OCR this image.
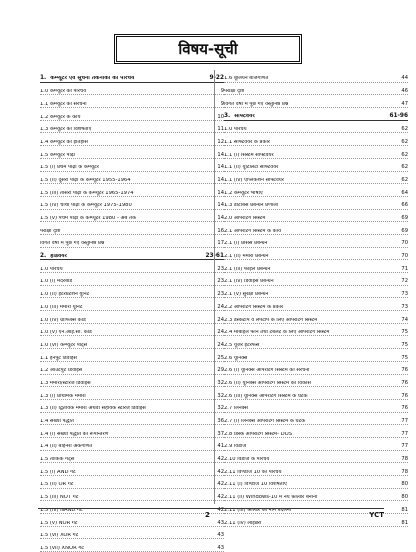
विषय-सूची
1. कम्प्यूटर एवं सूचना तकनीकी का परिचय	9-22
1.0 कम्प्यूटर का परिचय	9
1.1 कम्प्यूटर की संरचना	9
1.2 कम्प्यूटर के कार्य	10
1.3 कम्प्यूटर की विशेषताएँ	11
1.4 कम्प्यूटर का इतिहास	12
1.5 कम्प्यूटर पीढ़ी	14
1.5 (i) प्रथम पीढ़ी के कम्प्यूटर	14
1.5 (ii) दूसरी पीढ़ी के कम्प्यूटर 1955-1964	14
1.5 (iii) तीसरी पीढ़ी के कम्प्यूटर 1965-1974	14
1.5 (iv) चौथी पीढ़ी के कम्प्यूटर 1975-1980	14
1.5 (v) पंचम पीढ़ी के कम्प्यूटर 1980 - अब तक	14
परीक्षा दृष्टि	16
विगत वर्षों में पूछे गए वस्तुनिष्ठ प्रश्न	17
2. हार्डवेयर	23-61
1.0 परिचय	23
1.0 (i) मदरबोर्ड	23
1.0 (ii) इंटरप्रेटेशन यूनिट	23
1.0 (iii) मेमोरी यूनिट	24
1.0 (iv) ग्राफिक्स कार्ड	24
1.0 (v) एन.आई.सी. कार्ड	24
1.0 (vi) कम्प्यूटर पार्ट्स	24
1.1 इनपुट डिवाइस	25
1.2 आउटपुट डिवाइस	29
1.3 मेमोरी/स्टोरेज डिवाइस	32
1.3 (i) प्राथमिक मेमोरी	32
1.3 (ii) द्वितीयक मेमोरी अथवा सहायक स्टोरेज डिवाइस	32
1.4 संख्या पद्धति	36
1.4 (i) संख्या पद्धति का रूपान्तरण	37
1.4 (ii) बाइनरी अंकगणित	41
1.5 तार्किक गेट्स	42
1.5 (i) AND गेट	42
1.5 (ii) OR गेट	42
1.5 (iii) NOT गेट	42
1.5 (iv) NAND गेट	42
1.5 (v) NOR गेट	43
1.5 (vi) XOR गेट	43
1.5 (vii) XNOR गेट	43
1.6 बूलियन बीजगणित	44
परीक्षा दृष्टि	46
विगत वर्षों में पूछे गए वस्तुनिष्ठ प्रश्न	47
3. सॉफ्टवेयर	61-96
1.0 परिचय	62
1.1 सॉफ्टवेयर के प्रकार	62
1.1 (i) सिस्टम सॉफ्टवेयर	62
1.1 (ii) यूटिलिटी सॉफ्टवेयर	62
1.1 (iv) एप्लिकेशन सॉफ्टवेयर	62
1.2 कम्प्यूटर भाषाएँ	64
1.3 डाटाबेस प्रबन्धन प्रणाली	66
2.0 ऑपरेटिंग सिस्टम	69
2.1 ऑपरेटिंग सिस्टम के कार्य	69
2.1 (i) प्रोसेस प्रबन्धन	70
2.1 (ii) मेमोरी प्रबन्धन	70
2.1 (iii) फाइल प्रबन्धन	71
2.1 (iv) डिवाइस प्रबन्धन	72
2.1 (v) सुरक्षा प्रबन्धन	73
2.2 ऑपरेटिंग सिस्टम के प्रकार	73
2.3 डेस्कटॉप व लैपटॉप के लिए ऑपरेटिंग सिस्टम	74
2.4 मोबाइल फोन तथा टैबलेट के लिए ऑपरेटिंग सिस्टम	75
2.5 यूजर इंटरफेस	75
2.6 यूनिक्स	75
2.6 (i) यूनिक्स ऑपरेटिंग सिस्टम की संरचना	76
2.6 (ii) यूनिक्स ऑपरेटिंग सिस्टम का विकास	76
2.6 (iii) यूनिक्स ऑपरेटिंग सिस्टम के घटक	76
2.7 लिनक्स	76
2.7 (i) लिनक्स ऑपरेटिंग सिस्टम के घटक	77
2.8 डिस्क ऑपरेटिंग सिस्टम- DOS	77
2.9 विंडोज	77
2.10 विंडोज के परिचय	78
2.11 विण्डोज 10 का परिचय	78
2.11 (i) विण्डोज 10 विशेषताएँ	80
2.11 (ii) Windows-10 में नये फ़ोल्डर बनाना	80
2.11 (iii) फ़ोल्डर का नाम बदलना	81
2.11 (iv) लाइब्रेरी	81
2	YCT
